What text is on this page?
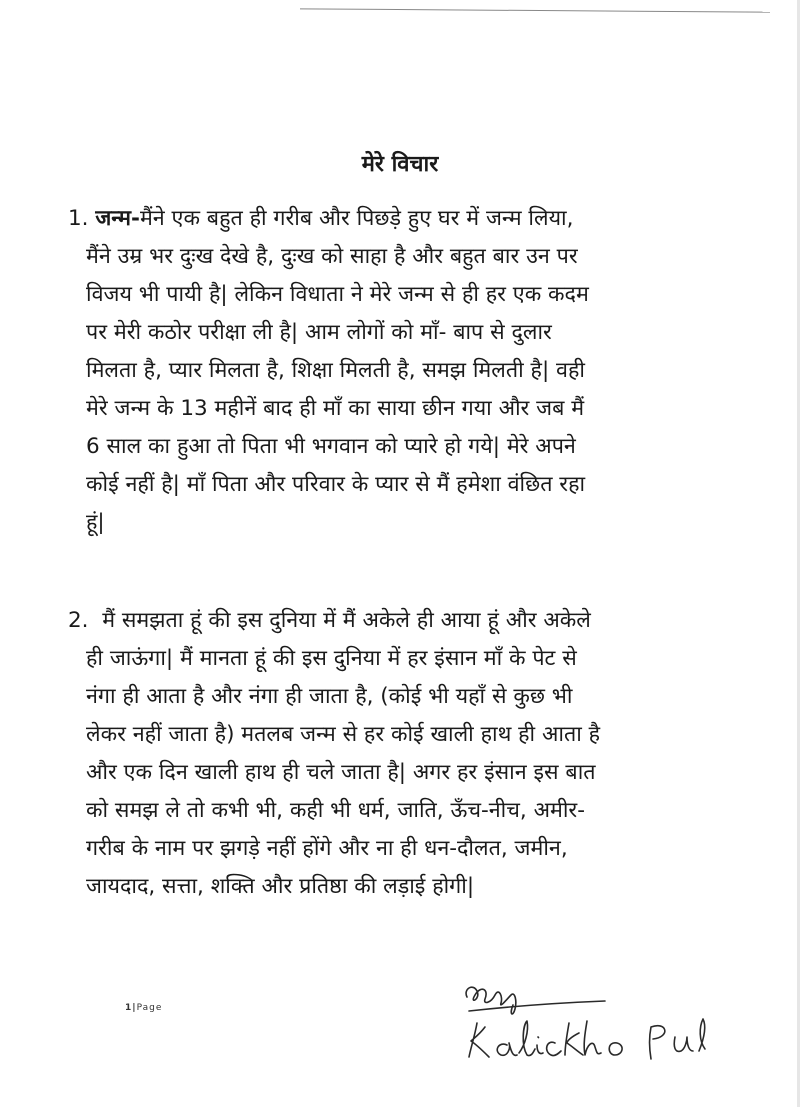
मेरे विचार
1. जन्म-मैंने एक बहुत ही गरीब और पिछड़े हुए घर में जन्म लिया,
मैंने उम्र भर दुःख देखे है, दुःख को साहा है और बहुत बार उन पर
विजय भी पायी है| लेकिन विधाता ने मेरे जन्म से ही हर एक कदम
पर मेरी कठोर परीक्षा ली है| आम लोगों को माँ- बाप से दुलार
मिलता है, प्यार मिलता है, शिक्षा मिलती है, समझ मिलती है| वही
मेरे जन्म के 13 महीनें बाद ही माँ का साया छीन गया और जब मैं
6 साल का हुआ तो पिता भी भगवान को प्यारे हो गये| मेरे अपने
कोई नहीं है| माँ पिता और परिवार के प्यार से मैं हमेशा वंछित रहा
हूं|
2. मैं समझता हूं की इस दुनिया में मैं अकेले ही आया हूं और अकेले
ही जाऊंगा| मैं मानता हूं की इस दुनिया में हर इंसान माँ के पेट से
नंगा ही आता है और नंगा ही जाता है, (कोई भी यहाँ से कुछ भी
लेकर नहीं जाता है) मतलब जन्म से हर कोई खाली हाथ ही आता है
और एक दिन खाली हाथ ही चले जाता है| अगर हर इंसान इस बात
को समझ ले तो कभी भी, कही भी धर्म, जाति, ऊँच-नीच, अमीर-
गरीब के नाम पर झगड़े नहीं होंगे और ना ही धन-दौलत, जमीन,
जायदाद, सत्ता, शक्ति और प्रतिष्ठा की लड़ाई होगी|
1|Page
